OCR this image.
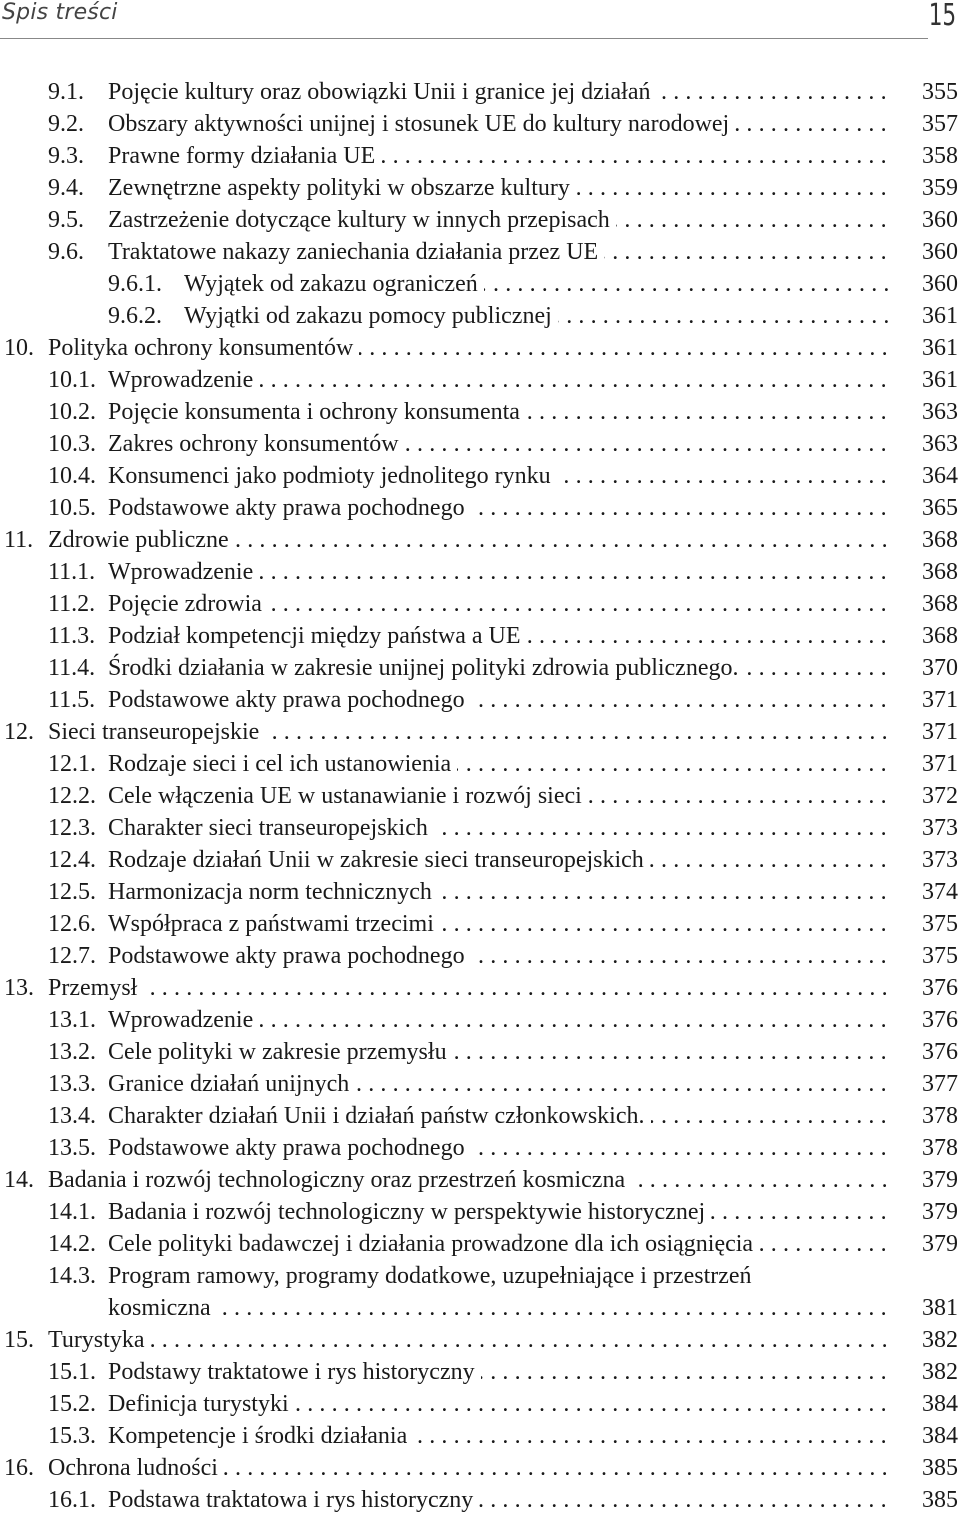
Spis treści	15
9.1. Pojęcie kultury oraz obowiązki Unii i granice jej działań . . .	355
9.2. Obszary aktywności unijnej i stosunek UE do kultury narodowej . . .	357
9.3. Prawne formy działania UE . . .	358
9.4. Zewnętrzne aspekty polityki w obszarze kultury . . .	359
9.5. Zastrzeżenie dotyczące kultury w innych przepisach . . .	360
9.6. Traktatowe nakazy zaniechania działania przez UE . . .	360
9.6.1. Wyjątek od zakazu ograniczeń . . .	360
9.6.2. Wyjątki od zakazu pomocy publicznej . . .	361
10. Polityka ochrony konsumentów . . .	361
10.1. Wprowadzenie . . .	361
10.2. Pojęcie konsumenta i ochrony konsumenta . . .	363
10.3. Zakres ochrony konsumentów . . .	363
10.4. Konsumenci jako podmioty jednolitego rynku . . .	364
10.5. Podstawowe akty prawa pochodnego . . .	365
11. Zdrowie publiczne . . .	368
11.1. Wprowadzenie . . .	368
11.2. Pojęcie zdrowia . . .	368
11.3. Podział kompetencji między państwa a UE . . .	368
11.4. Środki działania w zakresie unijnej polityki zdrowia publicznego. . . .	370
11.5. Podstawowe akty prawa pochodnego . . .	371
12. Sieci transeuropejskie . . .	371
12.1. Rodzaje sieci i cel ich ustanowienia . . .	371
12.2. Cele włączenia UE w ustanawianie i rozwój sieci . . .	372
12.3. Charakter sieci transeuropejskich . . .	373
12.4. Rodzaje działań Unii w zakresie sieci transeuropejskich . . .	373
12.5. Harmonizacja norm technicznych . . .	374
12.6. Współpraca z państwami trzecimi . . .	375
12.7. Podstawowe akty prawa pochodnego . . .	375
13. Przemysł . . .	376
13.1. Wprowadzenie . . .	376
13.2. Cele polityki w zakresie przemysłu . . .	376
13.3. Granice działań unijnych . . .	377
13.4. Charakter działań Unii i działań państw członkowskich. . . .	378
13.5. Podstawowe akty prawa pochodnego . . .	378
14. Badania i rozwój technologiczny oraz przestrzeń kosmiczna . . .	379
14.1. Badania i rozwój technologiczny w perspektywie historycznej . . .	379
14.2. Cele polityki badawczej i działania prowadzone dla ich osiągnięcia . . .	379
14.3. Program ramowy, programy dodatkowe, uzupełniające i przestrzeń
kosmiczna . . .	381
15. Turystyka . . .	382
15.1. Podstawy traktatowe i rys historyczny . . .	382
15.2. Definicja turystyki . . .	384
15.3. Kompetencje i środki działania . . .	384
16. Ochrona ludności . . .	385
16.1. Podstawa traktatowa i rys historyczny . . .	385
